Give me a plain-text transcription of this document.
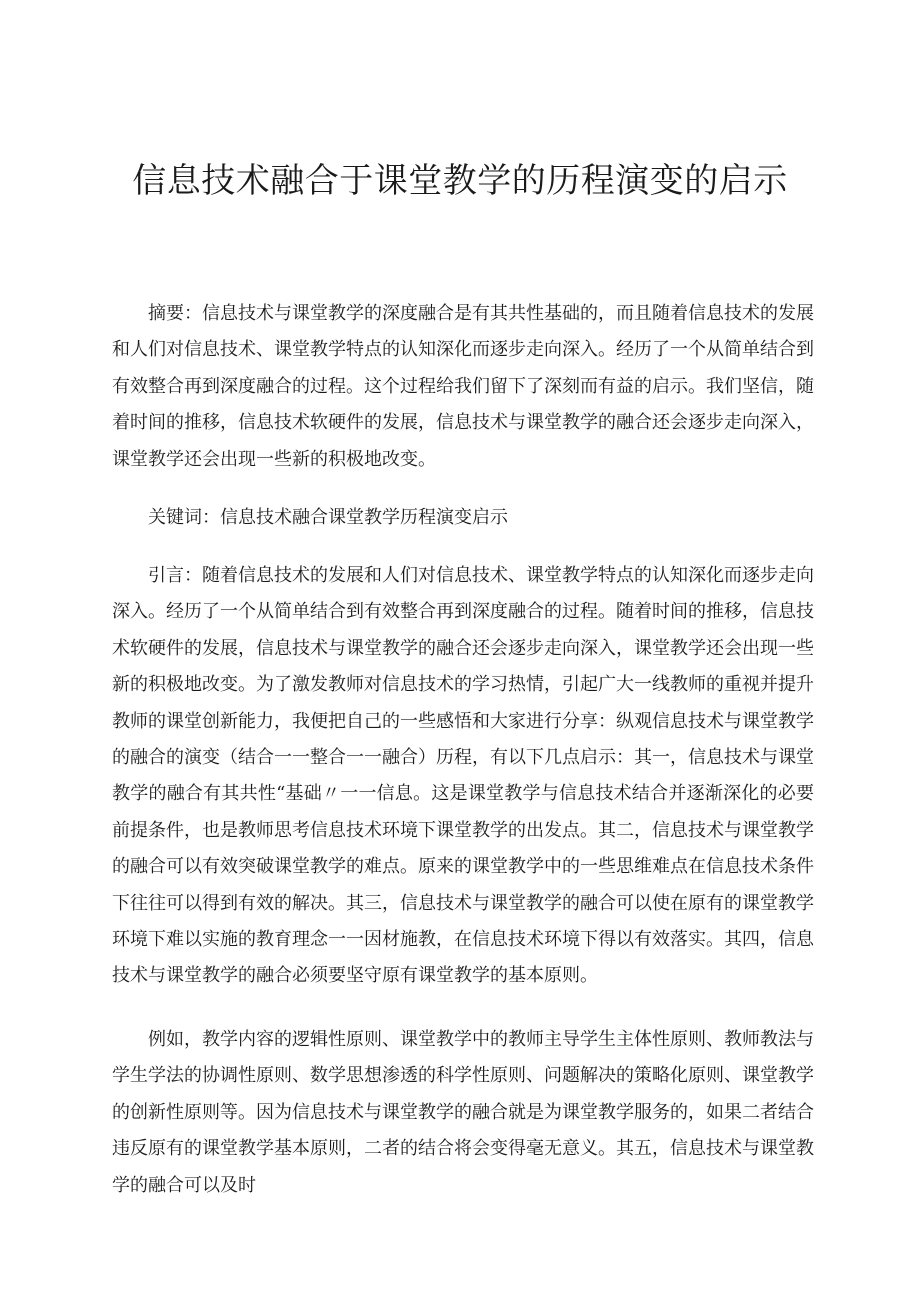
信息技术融合于课堂教学的历程演变的启示

摘要：信息技术与课堂教学的深度融合是有其共性基础的，而且随着信息技术的发展和人们对信息技术、课堂教学特点的认知深化而逐步走向深入。经历了一个从简单结合到有效整合再到深度融合的过程。这个过程给我们留下了深刻而有益的启示。我们坚信，随着时间的推移，信息技术软硬件的发展，信息技术与课堂教学的融合还会逐步走向深入，课堂教学还会出现一些新的积极地改变。

关键词：信息技术融合课堂教学历程演变启示

引言：随着信息技术的发展和人们对信息技术、课堂教学特点的认知深化而逐步走向深入。经历了一个从简单结合到有效整合再到深度融合的过程。随着时间的推移，信息技术软硬件的发展，信息技术与课堂教学的融合还会逐步走向深入，课堂教学还会出现一些新的积极地改变。为了激发教师对信息技术的学习热情，引起广大一线教师的重视并提升教师的课堂创新能力，我便把自己的一些感悟和大家进行分享：纵观信息技术与课堂教学的融合的演变（结合一一整合一一融合）历程，有以下几点启示：其一，信息技术与课堂教学的融合有其共性“基础〃一一信息。这是课堂教学与信息技术结合并逐渐深化的必要前提条件，也是教师思考信息技术环境下课堂教学的出发点。其二，信息技术与课堂教学的融合可以有效突破课堂教学的难点。原来的课堂教学中的一些思维难点在信息技术条件下往往可以得到有效的解决。其三，信息技术与课堂教学的融合可以使在原有的课堂教学环境下难以实施的教育理念一一因材施教，在信息技术环境下得以有效落实。其四，信息技术与课堂教学的融合必须要坚守原有课堂教学的基本原则。

例如，教学内容的逻辑性原则、课堂教学中的教师主导学生主体性原则、教师教法与学生学法的协调性原则、数学思想渗透的科学性原则、问题解决的策略化原则、课堂教学的创新性原则等。因为信息技术与课堂教学的融合就是为课堂教学服务的，如果二者结合违反原有的课堂教学基本原则，二者的结合将会变得毫无意义。其五，信息技术与课堂教学的融合可以及时
